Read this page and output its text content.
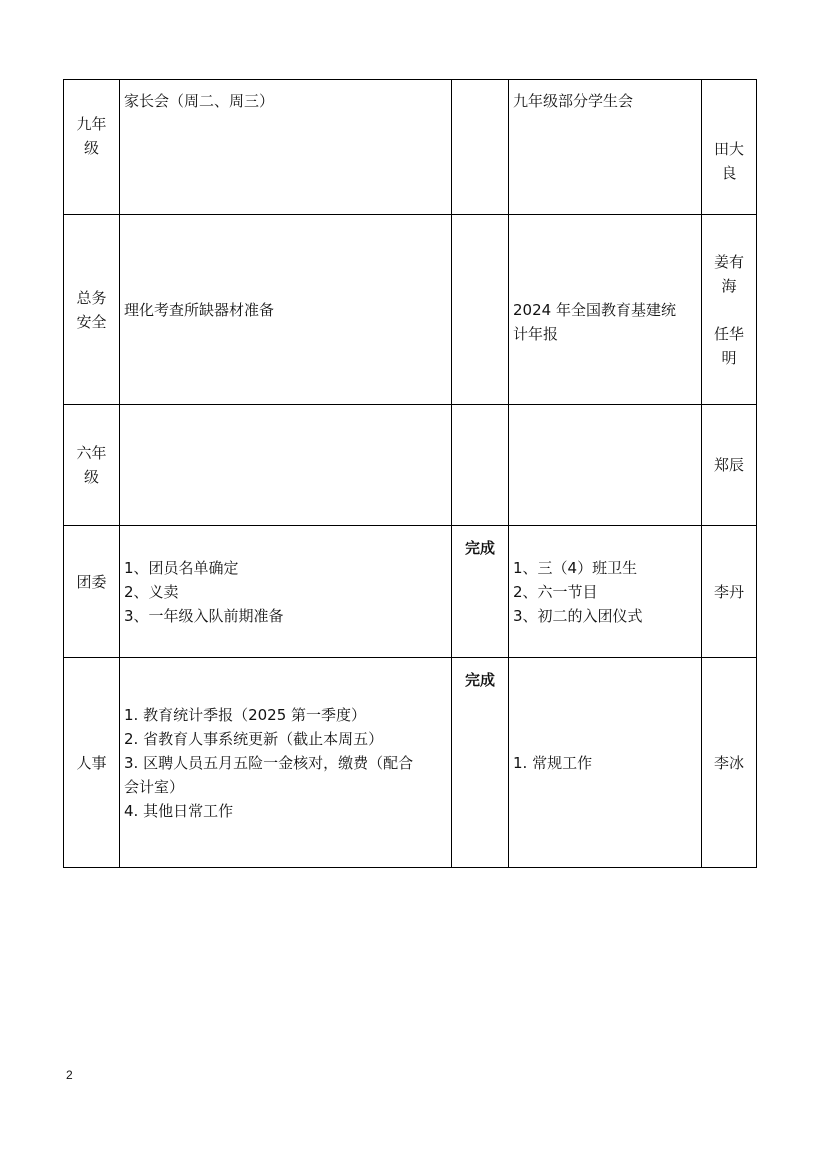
九年
级	家长会（周二、周三）		九年级部分学生会	田大
良

总务
安全	理化考查所缺器材准备		2024 年全国教育基建统
计年报	姜有
海
任华
明

六年
级				郑辰

团委	1、团员名单确定
2、义卖
3、一年级入队前期准备	完成	1、三（4）班卫生
2、六一节目
3、初二的入团仪式	李丹

人事	1. 教育统计季报（2025 第一季度）
2. 省教育人事系统更新（截止本周五）
3. 区聘人员五月五险一金核对，缴费（配合
会计室）
4. 其他日常工作	完成	1. 常规工作	李冰
2
